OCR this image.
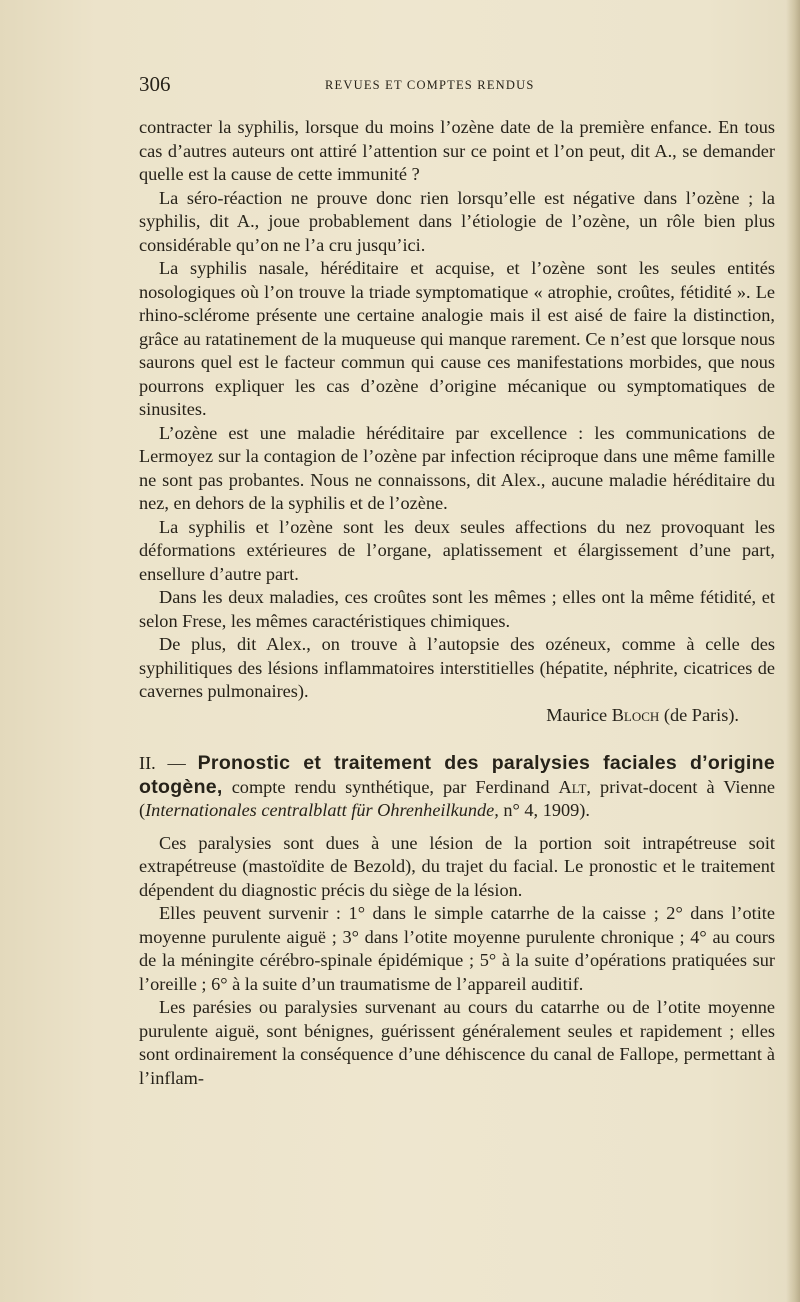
306	REVUES ET COMPTES RENDUS

contracter la syphilis, lorsque du moins l’ozène date de la première enfance. En tous cas d’autres auteurs ont attiré l’attention sur ce point et l’on peut, dit A., se demander quelle est la cause de cette immunité ?

La séro-réaction ne prouve donc rien lorsqu’elle est négative dans l’ozène ; la syphilis, dit A., joue probablement dans l’étiologie de l’ozène, un rôle bien plus considérable qu’on ne l’a cru jusqu’ici.

La syphilis nasale, héréditaire et acquise, et l’ozène sont les seules entités nosologiques où l’on trouve la triade symptomatique « atrophie, croûtes, fétidité ». Le rhino-sclérome présente une certaine analogie mais il est aisé de faire la distinction, grâce au ratatinement de la muqueuse qui manque rarement. Ce n’est que lorsque nous saurons quel est le facteur commun qui cause ces manifestations morbides, que nous pourrons expliquer les cas d’ozène d’origine mécanique ou symptomatiques de sinusites.

L’ozène est une maladie héréditaire par excellence : les communications de Lermoyez sur la contagion de l’ozène par infection réciproque dans une même famille ne sont pas probantes. Nous ne connaissons, dit Alex., aucune maladie héréditaire du nez, en dehors de la syphilis et de l’ozène.

La syphilis et l’ozène sont les deux seules affections du nez provoquant les déformations extérieures de l’organe, aplatissement et élargissement d’une part, ensellure d’autre part.

Dans les deux maladies, ces croûtes sont les mêmes ; elles ont la même fétidité, et selon Frese, les mêmes caractéristiques chimiques.

De plus, dit Alex., on trouve à l’autopsie des ozéneux, comme à celle des syphilitiques des lésions inflammatoires interstitielles (hépatite, néphrite, cicatrices de cavernes pulmonaires).

Maurice Bloch (de Paris).

II. — Pronostic et traitement des paralysies faciales d’origine otogène, compte rendu synthétique, par Ferdinand Alt, privat-docent à Vienne (Internationales centralblatt für Ohrenheilkunde, n° 4, 1909).

Ces paralysies sont dues à une lésion de la portion soit intrapétreuse soit extrapétreuse (mastoïdite de Bezold), du trajet du facial. Le pronostic et le traitement dépendent du diagnostic précis du siège de la lésion.

Elles peuvent survenir : 1° dans le simple catarrhe de la caisse ; 2° dans l’otite moyenne purulente aiguë ; 3° dans l’otite moyenne purulente chronique ; 4° au cours de la méningite cérébro-spinale épidémique ; 5° à la suite d’opérations pratiquées sur l’oreille ; 6° à la suite d’un traumatisme de l’appareil auditif.

Les parésies ou paralysies survenant au cours du catarrhe ou de l’otite moyenne purulente aiguë, sont bénignes, guérissent généralement seules et rapidement ; elles sont ordinairement la conséquence d’une déhiscence du canal de Fallope, permettant à l’inflam-
